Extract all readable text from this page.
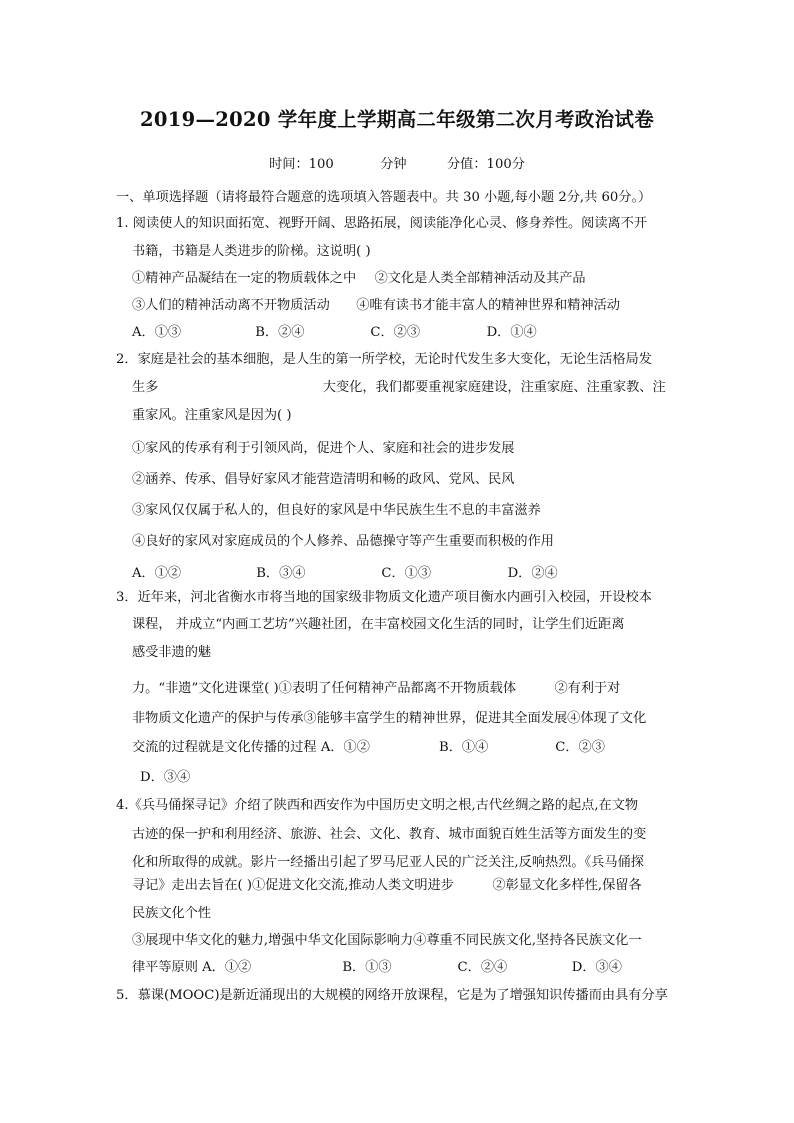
2019—2020 学年度上学期高二年级第二次月考政治试卷
时间：100	分钟	分值：100分
一、单项选择题（请将最符合题意的选项填入答题表中。共 30 小题,每小题 2分,共 60分。）
1. 阅读使人的知识面拓宽、视野开阔、思路拓展，阅读能净化心灵、修身养性。阅读离不开
书籍，书籍是人类进步的阶梯。这说明( )
①精神产品凝结在一定的物质载体之中 ②文化是人类全部精神活动及其产品
③人们的精神活动离不开物质活动 ④唯有读书才能丰富人的精神世界和精神活动
A．①③	B．②④	C．②③	D．①④
2．家庭是社会的基本细胞，是人生的第一所学校，无论时代发生多大变化，无论生活格局发
生多	大变化，我们都要重视家庭建设，注重家庭、注重家教、注
重家风。注重家风是因为( )
①家风的传承有利于引领风尚，促进个人、家庭和社会的进步发展
②涵养、传承、倡导好家风才能营造清明和畅的政风、党风、民风
③家风仅仅属于私人的，但良好的家风是中华民族生生不息的丰富滋养
④良好的家风对家庭成员的个人修养、品德操守等产生重要而积极的作用
A．①②	B．③④	C．①③	D．②④
3．近年来，河北省衡水市将当地的国家级非物质文化遗产项目衡水内画引入校园，开设校本
课程， 并成立“内画工艺坊”兴趣社团，在丰富校园文化生活的同时，让学生们近距离
感受非遗的魅
力。“非遗”文化进课堂( )①表明了任何精神产品都离不开物质载体	②有利于对
非物质文化遗产的保护与传承③能够丰富学生的精神世界，促进其全面发展④体现了文化
交流的过程就是文化传播的过程 A．①②	B．①④	C．②③
D．③④
4.《兵马俑探寻记》介绍了陕西和西安作为中国历史文明之根,古代丝绸之路的起点,在文物
古迹的保一护和利用经济、旅游、社会、文化、教育、城市面貌百姓生活等方面发生的变
化和所取得的成就。影片一经播出引起了罗马尼亚人民的广泛关注,反响热烈。《兵马俑探
寻记》走出去旨在( )①促进文化交流,推动人类文明进步	②彰显文化多样性,保留各
民族文化个性
③展现中华文化的魅力,增强中华文化国际影响力④尊重不同民族文化,坚持各民族文化一
律平等原则 A．①②	B．①③	C．②④	D．③④
5．慕课(MOOC)是新近涌现出的大规模的网络开放课程，它是为了增强知识传播而由具有分享
